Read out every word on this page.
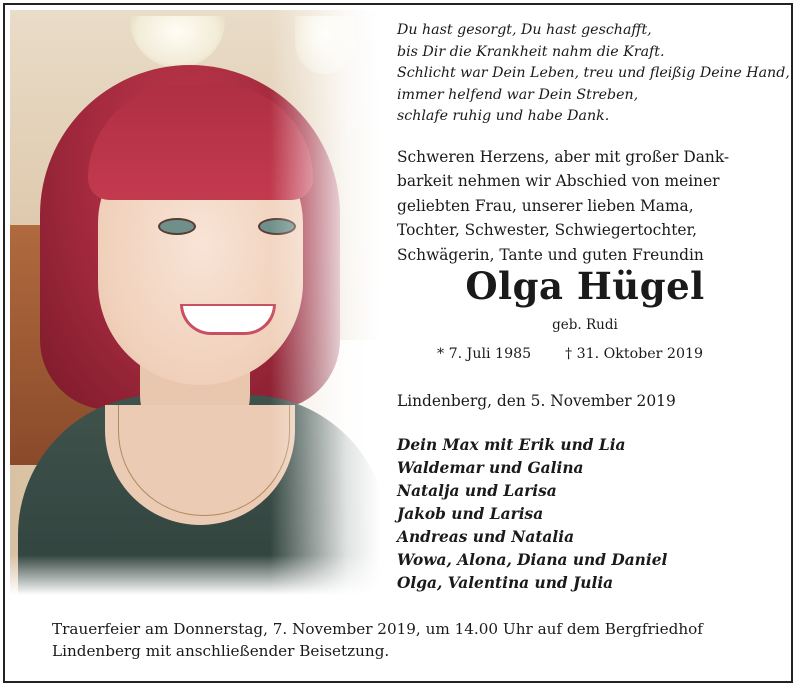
Du hast gesorgt, Du hast geschafft,
bis Dir die Krankheit nahm die Kraft.
Schlicht war Dein Leben, treu und fleißig Deine Hand,
immer helfend war Dein Streben,
schlafe ruhig und habe Dank.
Schweren Herzens, aber mit großer Dank-
barkeit nehmen wir Abschied von meiner
geliebten Frau, unserer lieben Mama,
Tochter, Schwester, Schwiegertochter,
Schwägerin, Tante und guten Freundin
Olga Hügel
geb. Rudi
* 7. Juli 1985 † 31. Oktober 2019
Lindenberg, den 5. November 2019
Dein Max mit Erik und Lia
Waldemar und Galina
Natalja und Larisa
Jakob und Larisa
Andreas und Natalia
Wowa, Alona, Diana und Daniel
Olga, Valentina und Julia
Trauerfeier am Donnerstag, 7. November 2019, um 14.00 Uhr auf dem Bergfriedhof
Lindenberg mit anschließender Beisetzung.
